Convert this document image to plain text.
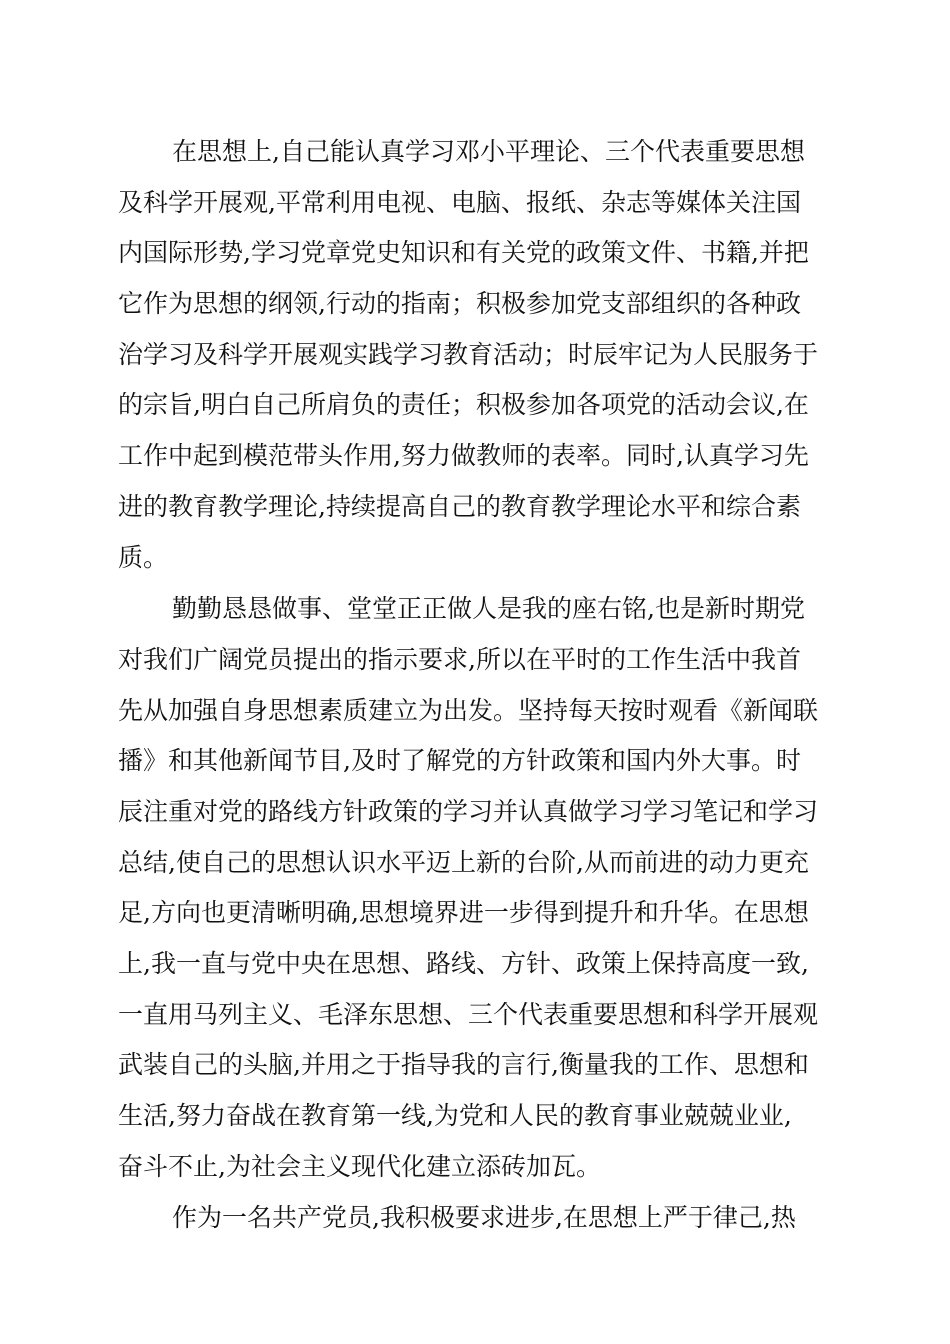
在思想上,自己能认真学习邓小平理论、三个代表重要思想
及科学开展观,平常利用电视、电脑、报纸、杂志等媒体关注国
内国际形势,学习党章党史知识和有关党的政策文件、书籍,并把
它作为思想的纲领,行动的指南；积极参加党支部组织的各种政
治学习及科学开展观实践学习教育活动；时辰牢记为人民服务于
的宗旨,明白自己所肩负的责任；积极参加各项党的活动会议,在
工作中起到模范带头作用,努力做教师的表率。同时,认真学习先
进的教育教学理论,持续提高自己的教育教学理论水平和综合素
质。

勤勤恳恳做事、堂堂正正做人是我的座右铭,也是新时期党
对我们广阔党员提出的指示要求,所以在平时的工作生活中我首
先从加强自身思想素质建立为出发。坚持每天按时观看《新闻联
播》和其他新闻节目,及时了解党的方针政策和国内外大事。时
辰注重对党的路线方针政策的学习并认真做学习学习笔记和学习
总结,使自己的思想认识水平迈上新的台阶,从而前进的动力更充
足,方向也更清晰明确,思想境界进一步得到提升和升华。在思想
上,我一直与党中央在思想、路线、方针、政策上保持高度一致,
一直用马列主义、毛泽东思想、三个代表重要思想和科学开展观
武装自己的头脑,并用之于指导我的言行,衡量我的工作、思想和
生活,努力奋战在教育第一线,为党和人民的教育事业兢兢业业,
奋斗不止,为社会主义现代化建立添砖加瓦。

作为一名共产党员,我积极要求进步,在思想上严于律己,热
